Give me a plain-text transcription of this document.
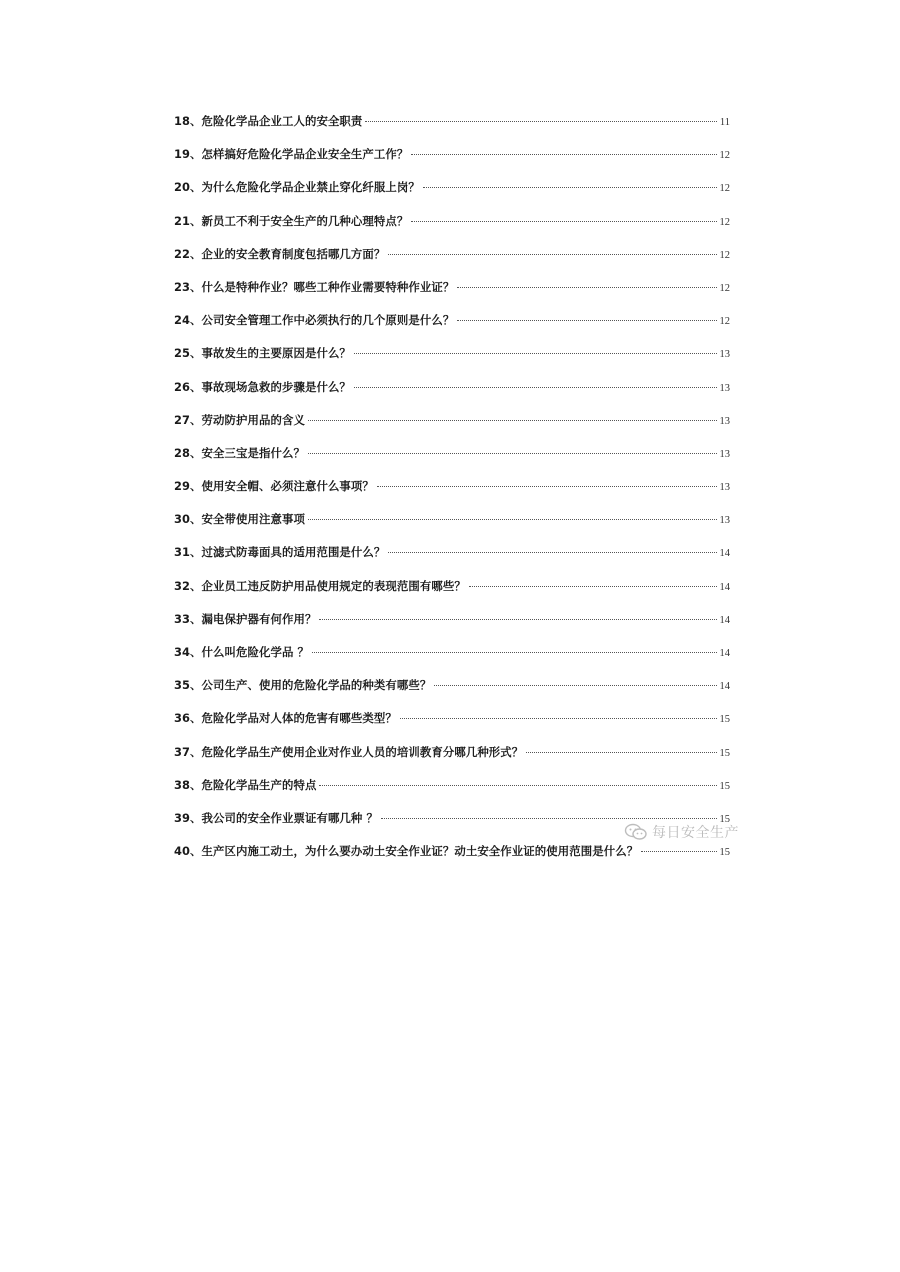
18、危险化学品企业工人的安全职责	11
19、怎样搞好危险化学品企业安全生产工作？	12
20、为什么危险化学品企业禁止穿化纤服上岗？	12
21、新员工不利于安全生产的几种心理特点？	12
22、企业的安全教育制度包括哪几方面？	12
23、什么是特种作业？哪些工种作业需要特种作业证？	12
24、公司安全管理工作中必须执行的几个原则是什么？	12
25、事故发生的主要原因是什么？	13
26、事故现场急救的步骤是什么？	13
27、劳动防护用品的含义	13
28、安全三宝是指什么？	13
29、使用安全帽、必须注意什么事项？	13
30、安全带使用注意事项	13
31、过滤式防毒面具的适用范围是什么？	14
32、企业员工违反防护用品使用规定的表现范围有哪些？	14
33、漏电保护器有何作用？	14
34、什么叫危险化学品 ？	14
35、公司生产、使用的危险化学品的种类有哪些？	14
36、危险化学品对人体的危害有哪些类型？	15
37、危险化学品生产使用企业对作业人员的培训教育分哪几种形式？	15
38、危险化学品生产的特点	15
39、我公司的安全作业票证有哪几种 ？	15
40、生产区内施工动土，为什么要办动土安全作业证？动土安全作业证的使用范围是什么？	15
每日安全生产
